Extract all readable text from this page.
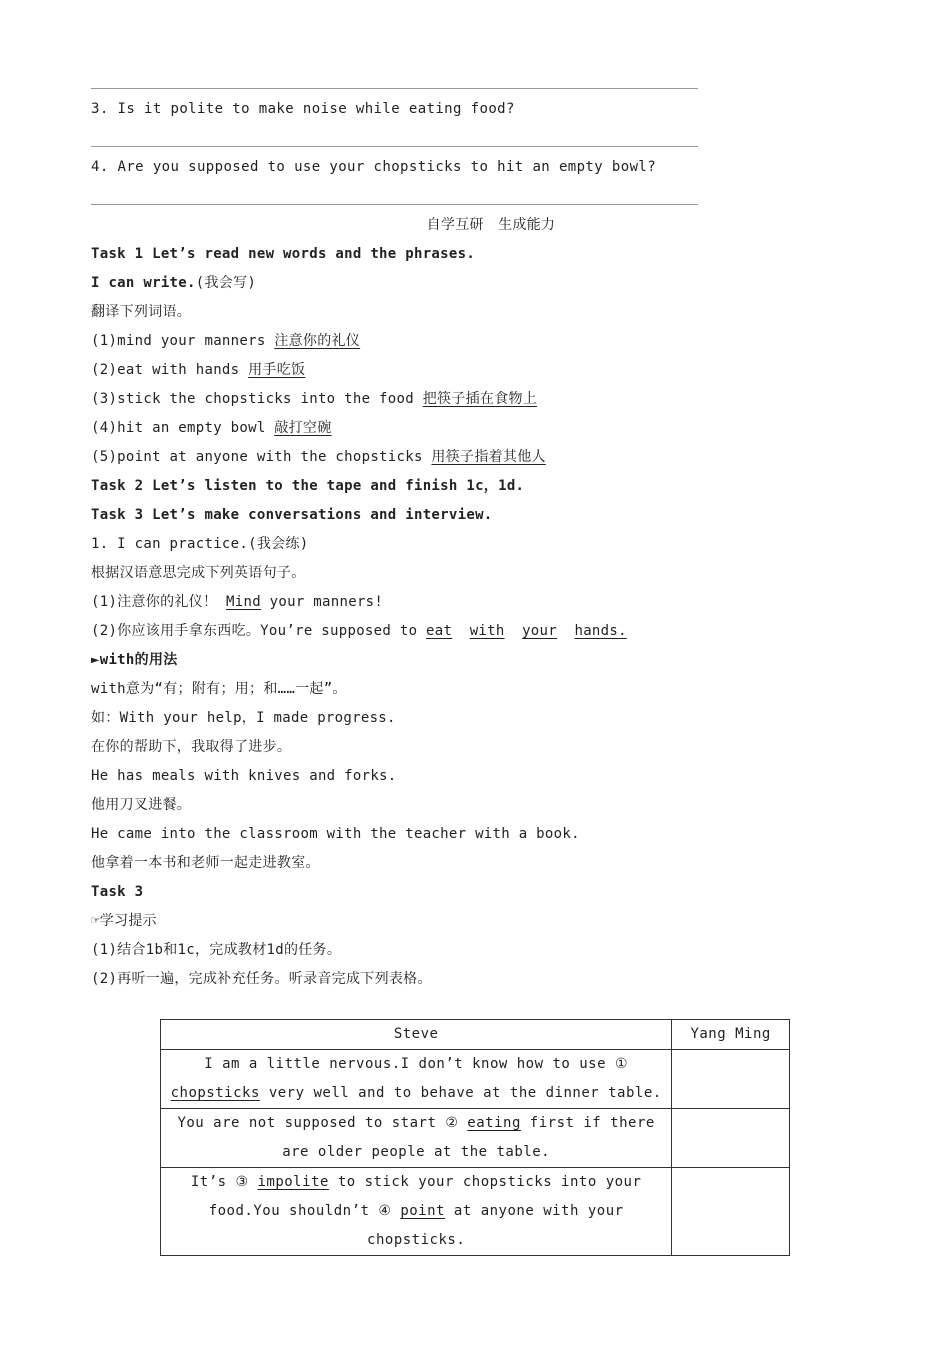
3. Is it polite to make noise while eating food?

4. Are you supposed to use your chopsticks to hit an empty bowl?

自学互研　生成能力

Task 1 Let’s read new words and the phrases.

I can write.(我会写)

翻译下列词语。

(1)mind your manners 注意你的礼仪

(2)eat with hands 用手吃饭

(3)stick the chopsticks into the food 把筷子插在食物上

(4)hit an empty bowl 敲打空碗

(5)point at anyone with the chopsticks 用筷子指着其他人

Task 2 Let’s listen to the tape and finish 1c，1d.

Task 3 Let’s make conversations and interview.

1. I can practice.(我会练)

根据汉语意思完成下列英语句子。

(1)注意你的礼仪！ Mind your manners!

(2)你应该用手拿东西吃。You’re supposed to eat with your hands.

►with的用法

with意为“有；附有；用；和……一起”。

如：With your help，I made progress.

在你的帮助下，我取得了进步。

He has meals with knives and forks.

他用刀叉进餐。

He came into the classroom with the teacher with a book.

他拿着一本书和老师一起走进教室。

Task 3

☞学习提示

(1)结合1b和1c，完成教材1d的任务。

(2)再听一遍，完成补充任务。听录音完成下列表格。

Steve	Yang Ming
I am a little nervous.I don’t know how to use ① chopsticks very well and to behave at the dinner table.	
You are not supposed to start ② eating first if there are older people at the table.	
It’s ③ impolite to stick your chopsticks into your food.You shouldn’t ④ point at anyone with your chopsticks.	
